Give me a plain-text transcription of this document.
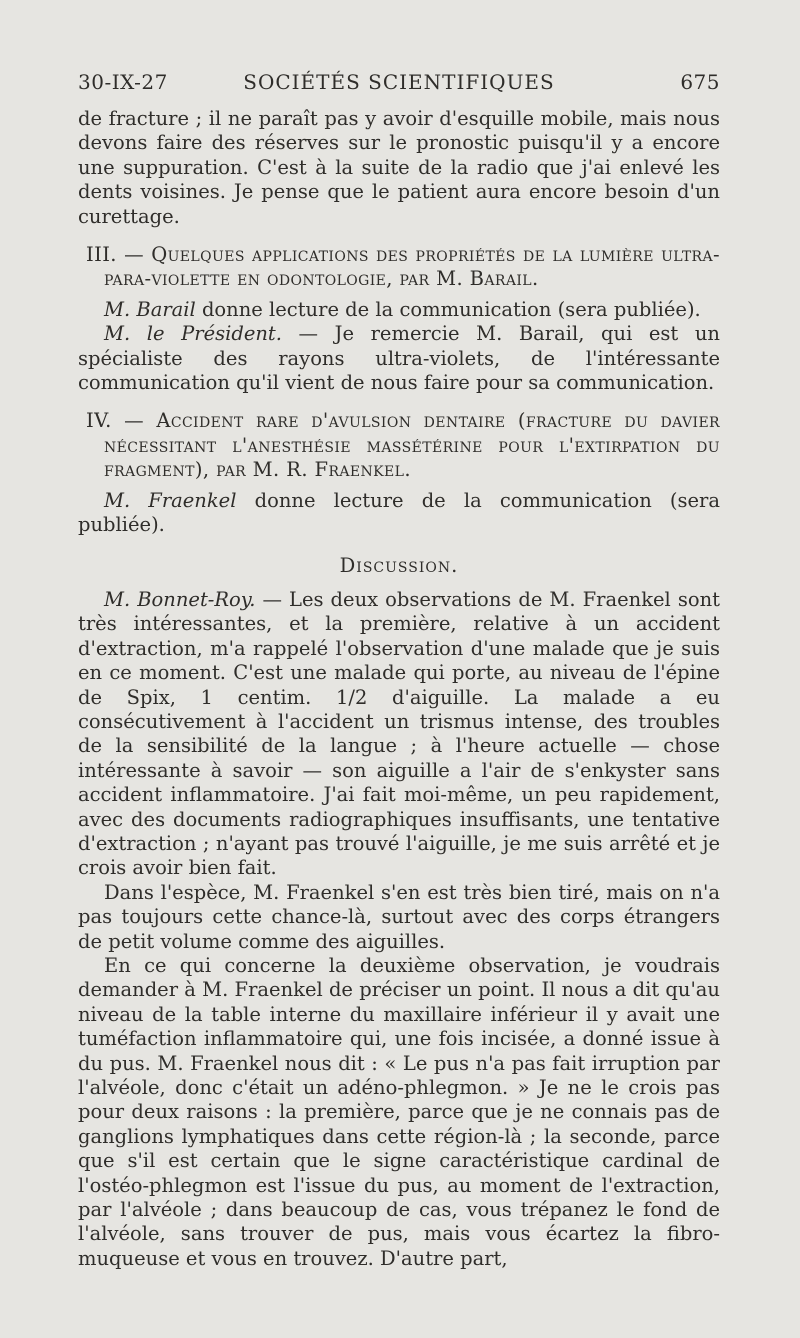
30-IX-27	SOCIÉTÉS SCIENTIFIQUES	675

de fracture ; il ne paraît pas y avoir d'esquille mobile, mais nous devons faire des réserves sur le pronostic puisqu'il y a encore une suppuration. C'est à la suite de la radio que j'ai enlevé les dents voisines. Je pense que le patient aura encore besoin d'un curettage.

III. — Quelques applications des propriétés de la lumière ultra-para-violette en odontologie, par M. Barail.

M. Barail donne lecture de la communication (sera publiée).

M. le Président. — Je remercie M. Barail, qui est un spécialiste des rayons ultra-violets, de l'intéressante communication qu'il vient de nous faire pour sa communication.

IV. — Accident rare d'avulsion dentaire (fracture du davier nécessitant l'anesthésie massétérine pour l'extirpation du fragment), par M. R. Fraenkel.

M. Fraenkel donne lecture de la communication (sera publiée).

Discussion.

M. Bonnet-Roy. — Les deux observations de M. Fraenkel sont très intéressantes, et la première, relative à un accident d'extraction, m'a rappelé l'observation d'une malade que je suis en ce moment. C'est une malade qui porte, au niveau de l'épine de Spix, 1 centim. 1/2 d'aiguille. La malade a eu consécutivement à l'accident un trismus intense, des troubles de la sensibilité de la langue ; à l'heure actuelle — chose intéressante à savoir — son aiguille a l'air de s'enkyster sans accident inflammatoire. J'ai fait moi-même, un peu rapidement, avec des documents radiographiques insuffisants, une tentative d'extraction ; n'ayant pas trouvé l'aiguille, je me suis arrêté et je crois avoir bien fait.

Dans l'espèce, M. Fraenkel s'en est très bien tiré, mais on n'a pas toujours cette chance-là, surtout avec des corps étrangers de petit volume comme des aiguilles.

En ce qui concerne la deuxième observation, je voudrais demander à M. Fraenkel de préciser un point. Il nous a dit qu'au niveau de la table interne du maxillaire inférieur il y avait une tuméfaction inflammatoire qui, une fois incisée, a donné issue à du pus. M. Fraenkel nous dit : « Le pus n'a pas fait irruption par l'alvéole, donc c'était un adéno-phlegmon. » Je ne le crois pas pour deux raisons : la première, parce que je ne connais pas de ganglions lymphatiques dans cette région-là ; la seconde, parce que s'il est certain que le signe caractéristique cardinal de l'ostéo-phlegmon est l'issue du pus, au moment de l'extraction, par l'alvéole ; dans beaucoup de cas, vous trépanez le fond de l'alvéole, sans trouver de pus, mais vous écartez la fibro-muqueuse et vous en trouvez. D'autre part,
